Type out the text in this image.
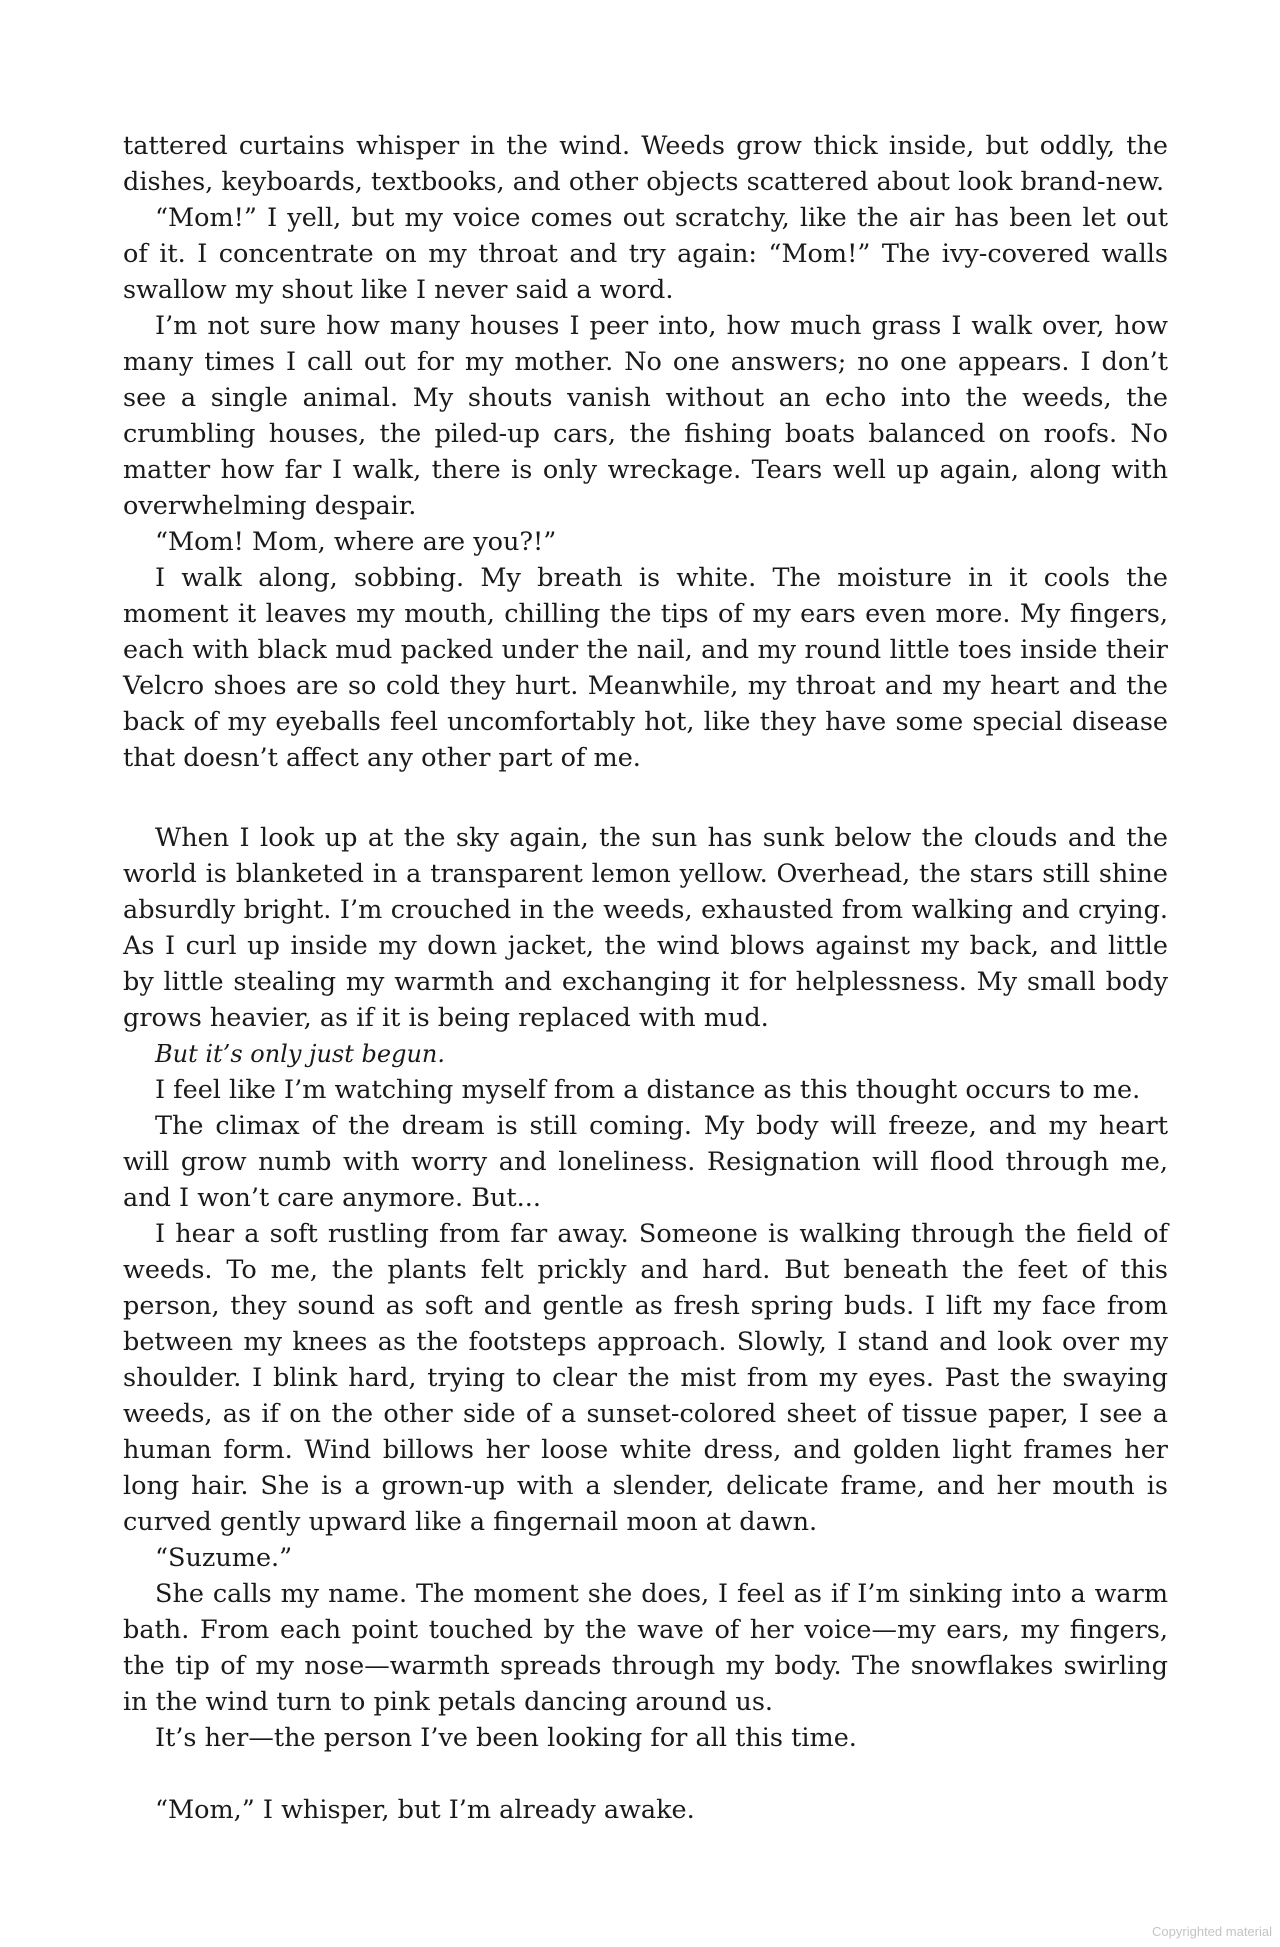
tattered curtains whisper in the wind. Weeds grow thick inside, but oddly, the dishes, keyboards, textbooks, and other objects scattered about look brand-new.

“Mom!” I yell, but my voice comes out scratchy, like the air has been let out of it. I concentrate on my throat and try again: “Mom!” The ivy-covered walls swallow my shout like I never said a word.

I’m not sure how many houses I peer into, how much grass I walk over, how many times I call out for my mother. No one answers; no one appears. I don’t see a single animal. My shouts vanish without an echo into the weeds, the crumbling houses, the piled-up cars, the fishing boats balanced on roofs. No matter how far I walk, there is only wreckage. Tears well up again, along with overwhelming despair.

“Mom! Mom, where are you?!”

I walk along, sobbing. My breath is white. The moisture in it cools the moment it leaves my mouth, chilling the tips of my ears even more. My fingers, each with black mud packed under the nail, and my round little toes inside their Velcro shoes are so cold they hurt. Meanwhile, my throat and my heart and the back of my eyeballs feel uncomfortably hot, like they have some special disease that doesn’t affect any other part of me.

When I look up at the sky again, the sun has sunk below the clouds and the world is blanketed in a transparent lemon yellow. Overhead, the stars still shine absurdly bright. I’m crouched in the weeds, exhausted from walking and crying. As I curl up inside my down jacket, the wind blows against my back, and little by little stealing my warmth and exchanging it for helplessness. My small body grows heavier, as if it is being replaced with mud.

But it’s only just begun.

I feel like I’m watching myself from a distance as this thought occurs to me.

The climax of the dream is still coming. My body will freeze, and my heart will grow numb with worry and loneliness. Resignation will flood through me, and I won’t care anymore. But...

I hear a soft rustling from far away. Someone is walking through the field of weeds. To me, the plants felt prickly and hard. But beneath the feet of this person, they sound as soft and gentle as fresh spring buds. I lift my face from between my knees as the footsteps approach. Slowly, I stand and look over my shoulder. I blink hard, trying to clear the mist from my eyes. Past the swaying weeds, as if on the other side of a sunset-colored sheet of tissue paper, I see a human form. Wind billows her loose white dress, and golden light frames her long hair. She is a grown-up with a slender, delicate frame, and her mouth is curved gently upward like a fingernail moon at dawn.

“Suzume.”

She calls my name. The moment she does, I feel as if I’m sinking into a warm bath. From each point touched by the wave of her voice—my ears, my fingers, the tip of my nose—warmth spreads through my body. The snowflakes swirling in the wind turn to pink petals dancing around us.

It’s her—the person I’ve been looking for all this time.

“Mom,” I whisper, but I’m already awake.

Copyrighted material
